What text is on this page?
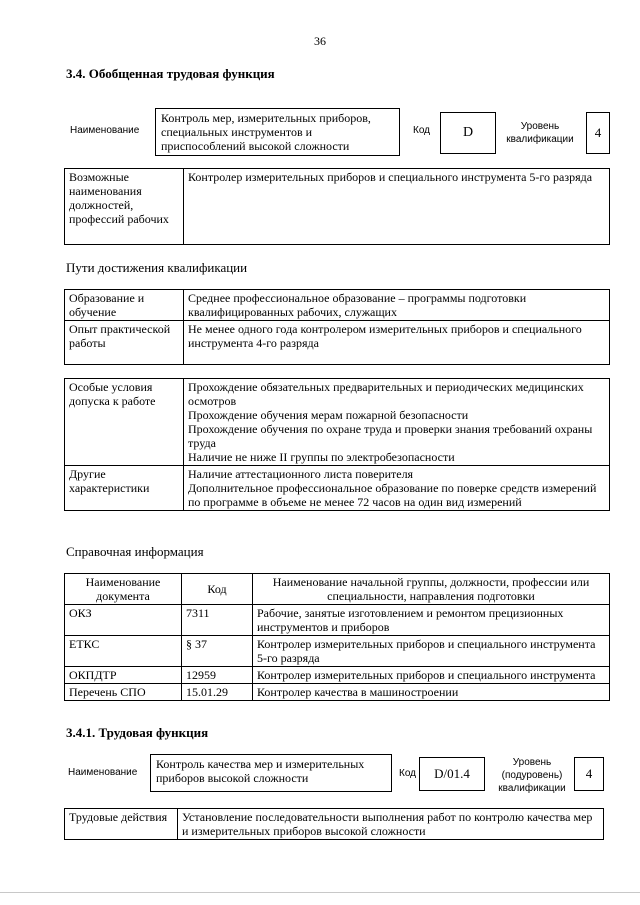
36
3.4. Обобщенная трудовая функция
Наименование
Контроль мер, измерительных приборов, специальных инструментов и приспособлений высокой сложности
Код	D	Уровень квалификации	4
Возможные наименования должностей, профессий рабочих	Контролер измерительных приборов и специального инструмента 5-го разряда
Пути достижения квалификации
Образование и обучение	Среднее профессиональное образование – программы подготовки квалифицированных рабочих, служащих
Опыт практической работы	Не менее одного года контролером измерительных приборов и специального инструмента 4-го разряда
Особые условия допуска к работе	Прохождение обязательных предварительных и периодических медицинских осмотров
Прохождение обучения мерам пожарной безопасности
Прохождение обучения по охране труда и проверки знания требований охраны труда
Наличие не ниже II группы по электробезопасности

Другие характеристики	Наличие аттестационного листа поверителя
Дополнительное профессиональное образование по поверке средств измерений по программе в объеме не менее 72 часов на один вид измерений
Справочная информация
Наименование документа	Код	Наименование начальной группы, должности, профессии или специальности, направления подготовки
ОКЗ	7311	Рабочие, занятые изготовлением и ремонтом прецизионных инструментов и приборов
ЕТКС	§ 37	Контролер измерительных приборов и специального инструмента 5-го разряда
ОКПДТР	12959	Контролер измерительных приборов и специального инструмента
Перечень СПО	15.01.29	Контролер качества в машиностроении
3.4.1. Трудовая функция
Наименование
Контроль качества мер и измерительных приборов высокой сложности	Код	D/01.4
Уровень (подуровень) квалификации
4
Трудовые действия	Установление последовательности выполнения работ по контролю качества мер и измерительных приборов высокой сложности
